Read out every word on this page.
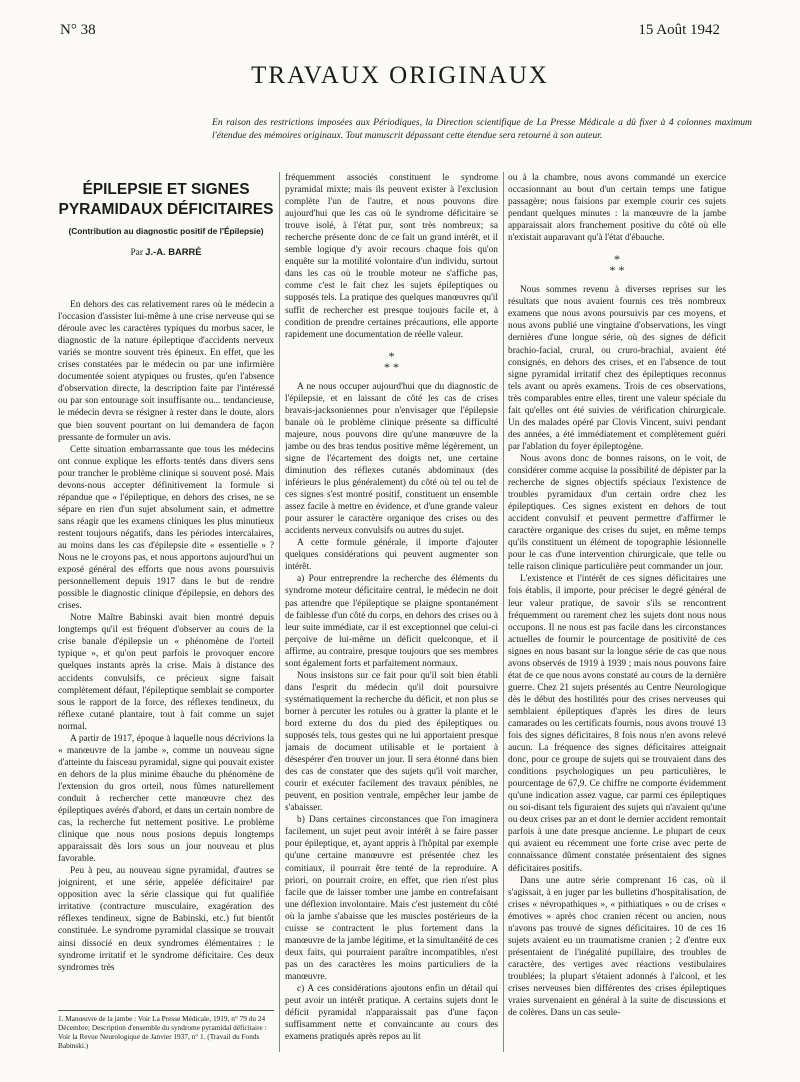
N° 38	15 Août 1942
TRAVAUX ORIGINAUX
En raison des restrictions imposées aux Périodiques, la Direction scientifique de La Presse Médicale a dû fixer à 4 colonnes maximum l'étendue des mémoires originaux. Tout manuscrit dépassant cette étendue sera retourné à son auteur.
ÉPILEPSIE ET SIGNES PYRAMIDAUX DÉFICITAIRES
(Contribution au diagnostic positif de l'Épilepsie)
Par J.-A. BARRÉ

En dehors des cas relativement rares où le médecin a l'occasion d'assister lui-même à une crise nerveuse qui se déroule avec les caractères typiques du morbus sacer, le diagnostic de la nature épileptique d'accidents nerveux variés se montre souvent très épineux. En effet, que les crises constatées par le médecin ou par une infirmière documentée soient atypiques ou frustes, qu'en l'absence d'observation directe, la description faite par l'intéressé ou par son entourage soit insuffisante ou... tendancieuse, le médecin devra se résigner à rester dans le doute, alors que bien souvent pourtant on lui demandera de façon pressante de formuler un avis.

Cette situation embarrassante que tous les médecins ont connue explique les efforts tentés dans divers sens pour trancher le problème clinique si souvent posé. Mais devons-nous accepter définitivement la formule si répandue que « l'épileptique, en dehors des crises, ne se sépare en rien d'un sujet absolument sain, et admettre sans réagir que les examens cliniques les plus minutieux restent toujours négatifs, dans les périodes intercalaires, au moins dans les cas d'épilepsie dite « essentielle » ? Nous ne le croyons pas, et nous apportons aujourd'hui un exposé général des efforts que nous avons poursuivis personnellement depuis 1917 dans le but de rendre possible le diagnostic clinique d'épilepsie, en dehors des crises.

Notre Maître Babinski avait bien montré depuis longtemps qu'il est fréquent d'observer au cours de la crise banale d'épilepsie un « phénomène de l'orteil typique », et qu'on peut parfois le provoquer encore quelques instants après la crise. Mais à distance des accidents convulsifs, ce précieux signe faisait complètement défaut, l'épileptique semblait se comporter sous le rapport de la force, des réflexes tendineux, du réflexe cutané plantaire, tout à fait comme un sujet normal.

A partir de 1917, époque à laquelle nous décrivions la « manœuvre de la jambe », comme un nouveau signe d'atteinte du faisceau pyramidal, signe qui pouvait exister en dehors de la plus minime ébauche du phénomène de l'extension du gros orteil, nous fûmes naturellement conduit à rechercher cette manœuvre chez des épileptiques avérés d'abord, et dans un certain nombre de cas, la recherche fut nettement positive. Le problème clinique que nous nous posions depuis longtemps apparaissait dès lors sous un jour nouveau et plus favorable.

Peu à peu, au nouveau signe pyramidal, d'autres se joignirent, et une série, appelée déficitaire¹ par opposition avec la série classique qui fut qualifiée irritative (contracture musculaire, exagération des réflexes tendineux, signe de Babinski, etc.) fut bientôt constituée. Le syndrome pyramidal classique se trouvait ainsi dissocié en deux syndromes élémentaires : le syndrome irritatif et le syndrome déficitaire. Ces deux syndromes très

1. Manœuvre de la jambe : Voir La Presse Médicale, 1919, n° 79 du 24 Décembre; Description d'ensemble du syndrome pyramidal déficitaire : Voir la Revue Neurologique de Janvier 1937, n° 1. (Travail du Fonds Babinski.)

fréquemment associés constituent le syndrome pyramidal mixte; mais ils peuvent exister à l'exclusion complète l'un de l'autre, et nous pouvons dire aujourd'hui que les cas où le syndrome déficitaire se trouve isolé, à l'état pur, sont très nombreux; sa recherche présente donc de ce fait un grand intérêt, et il semble logique d'y avoir recours chaque fois qu'on enquête sur la motilité volontaire d'un individu, surtout dans les cas où le trouble moteur ne s'affiche pas, comme c'est le fait chez les sujets épileptiques ou supposés tels. La pratique des quelques manœuvres qu'il suffit de rechercher est presque toujours facile et, à condition de prendre certaines précautions, elle apporte rapidement une documentation de réelle valeur.

*
* *

A ne nous occuper aujourd'hui que du diagnostic de l'épilepsie, et en laissant de côté les cas de crises bravais-jacksoniennes pour n'envisager que l'épilepsie banale où le problème clinique présente sa difficulté majeure, nous pouvons dire qu'une manœuvre de la jambe ou des bras tendus positive même légèrement, un signe de l'écartement des doigts net, une certaine diminution des réflexes cutanés abdominaux (des inférieurs le plus généralement) du côté où tel ou tel de ces signes s'est montré positif, constituent un ensemble assez facile à mettre en évidence, et d'une grande valeur pour assurer le caractère organique des crises ou des accidents nerveux convulsifs ou autres du sujet.

A cette formule générale, il importe d'ajouter quelques considérations qui peuvent augmenter son intérêt.

a) Pour entreprendre la recherche des éléments du syndrome moteur déficitaire central, le médecin ne doit pas attendre que l'épileptique se plaigne spontanément de faiblesse d'un côté du corps, en dehors des crises ou à leur suite immédiate, car il est exceptionnel que celui-ci perçoive de lui-même un déficit quelconque, et il affirme, au contraire, presque toujours que ses membres sont également forts et parfaitement normaux.

Nous insistons sur ce fait pour qu'il soit bien établi dans l'esprit du médecin qu'il doit poursuivre systématiquement la recherche du déficit, et non plus se borner à percuter les rotules ou à gratter la plante et le bord externe du dos du pied des épileptiques ou supposés tels, tous gestes qui ne lui apportaient presque jamais de document utilisable et le portaient à désespérer d'en trouver un jour. Il sera étonné dans bien des cas de constater que des sujets qu'il voit marcher, courir et exécuter facilement des travaux pénibles, ne peuvent, en position ventrale, empêcher leur jambe de s'abaisser.

b) Dans certaines circonstances que l'on imaginera facilement, un sujet peut avoir intérêt à se faire passer pour épileptique, et, ayant appris à l'hôpital par exemple qu'une certaine manœuvre est présentée chez les comitiaux, il pourrait être tenté de la reproduire. A priori, on pourrait croire, en effet, que rien n'est plus facile que de laisser tomber une jambe en contrefaisant une déflexion involontaire. Mais c'est justement du côté où la jambe s'abaisse que les muscles postérieurs de la cuisse se contractent le plus fortement dans la manœuvre de la jambe légitime, et la simultanéité de ces deux faits, qui pourraient paraître incompatibles, n'est pas un des caractères les moins particuliers de la manœuvre.

c) A ces considérations ajoutons enfin un détail qui peut avoir un intérêt pratique. A certains sujets dont le déficit pyramidal n'apparaissait pas d'une façon suffisamment nette et convaincante au cours des examens pratiqués après repos au lit

ou à la chambre, nous avons commandé un exercice occasionnant au bout d'un certain temps une fatigue passagère; nous faisions par exemple courir ces sujets pendant quelques minutes : la manœuvre de la jambe apparaissait alors franchement positive du côté où elle n'existait auparavant qu'à l'état d'ébauche.

*
* *

Nous sommes revenu à diverses reprises sur les résultats que nous avaient fournis ces très nombreux examens que nous avons poursuivis par ces moyens, et nous avons publié une vingtaine d'observations, les vingt dernières d'une longue série, où des signes de déficit brachio-facial, crural, ou cruro-brachial, avaient été consignés, en dehors des crises, et en l'absence de tout signe pyramidal irritatif chez des épileptiques reconnus tels avant ou après examens. Trois de ces observations, très comparables entre elles, tirent une valeur spéciale du fait qu'elles ont été suivies de vérification chirurgicale. Un des malades opéré par Clovis Vincent, suivi pendant des années, a été immédiatement et complètement guéri par l'ablation du foyer épileptogène.

Nous avons donc de bonnes raisons, on le voit, de considérer comme acquise la possibilité de dépister par la recherche de signes objectifs spéciaux l'existence de troubles pyramidaux d'un certain ordre chez les épileptiques. Ces signes existent en dehors de tout accident convulsif et peuvent permettre d'affirmer le caractère organique des crises du sujet, en même temps qu'ils constituent un élément de topographie lésionnelle pour le cas d'une intervention chirurgicale, que telle ou telle raison clinique particulière peut commander un jour.

L'existence et l'intérêt de ces signes déficitaires une fois établis, il importe, pour préciser le degré général de leur valeur pratique, de savoir s'ils se rencontrent fréquemment ou rarement chez les sujets dont nous nous occupons. Il ne nous est pas facile dans les circonstances actuelles de fournir le pourcentage de positivité de ces signes en nous basant sur la longue série de cas que nous avons observés de 1919 à 1939 ; mais nous pouvons faire état de ce que nous avons constaté au cours de la dernière guerre. Chez 21 sujets présentés au Centre Neurologique dès le début des hostilités pour des crises nerveuses qui semblaient épileptiques d'après les dires de leurs camarades ou les certificats fournis, nous avons trouvé 13 fois des signes déficitaires, 8 fois nous n'en avons relevé aucun. La fréquence des signes déficitaires atteignait donc, pour ce groupe de sujets qui se trouvaient dans des conditions psychologiques un peu particulières, le pourcentage de 67,9. Ce chiffre ne comporte évidemment qu'une indication assez vague, car parmi ces épileptiques ou soi-disant tels figuraient des sujets qui n'avaient qu'une ou deux crises par an et dont le dernier accident remontait parfois à une date presque ancienne. Le plupart de ceux qui avaient eu récemment une forte crise avec perte de connaissance dûment constatée présentaient des signes déficitaires positifs.

Dans une autre série comprenant 16 cas, où il s'agissait, à en juger par les bulletins d'hospitalisation, de crises « névropathiques », « pithiatiques » ou de crises « émotives » après choc cranien récent ou ancien, nous n'avons pas trouvé de signes déficitaires. 10 de ces 16 sujets avaient eu un traumatisme cranien ; 2 d'entre eux présentaient de l'inégalité pupillaire, des troubles de caractère, des vertiges avec réactions vestibulaires troublées; la plupart s'étaient adonnés à l'alcool, et les crises nerveuses bien différentes des crises épileptiques vraies survenaient en général à la suite de discussions et de colères. Dans un cas seule-
